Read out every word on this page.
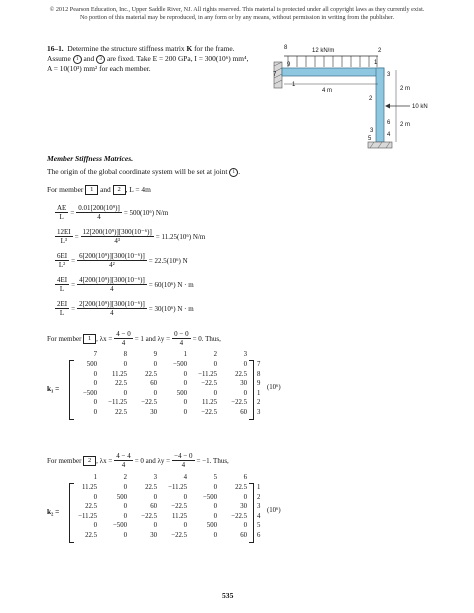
© 2012 Pearson Education, Inc., Upper Saddle River, NJ. All rights reserved. This material is protected under all copyright laws as they currently exist.
No portion of this material may be reproduced, in any form or by any means, without permission in writing from the publisher.
16–1. Determine the structure stiffness matrix K for the frame. Assume 1 and 3 are fixed. Take E = 200 GPa, I = 300(10⁶) mm⁴, A = 10(10³) mm² for each member.
12 kN/m
4 m	2 m
2 m
10 kN
8
9
7
1
2
3
1
2
4
6
5
3
Member Stiffness Matrices.
The origin of the global coordinate system will be set at joint 1 .
For member 1 and 2 , L = 4m
$\frac{AE}{L} = \frac{\text{0.01[200(10⁹)]}}{4} = 500(10^6)$ N/m
$\frac{12EI}{\text{L³}} = \frac{\text{12[200(10⁹)][300(10⁻⁶)]}}{\text{4³}} = 11.25(10^6)$ N/m
$\frac{6EI}{\text{L²}} = \frac{\text{6[200(10⁹)][300(10⁻⁶)]}}{\text{4²}} = 22.5(10^6)$ N
$\frac{4EI}{L} = \frac{\text{4[200(10⁹)][300(10⁻⁶)]}}{4} = 60(10^6) N \cdot m$
$\frac{2EI}{L} = \frac{\text{2[200(10⁹)][300(10⁻⁶)]}}{4} = 30(10^6) N \cdot m$
For member
	1 , $\lambda x = \frac{4 - 0}{4} = 1$ and $\lambda y = \frac{0 - 0}{4} = 0$. Thus,
7	8	9	1	2	3
k₁ =
500	0	0	−500	0	0
0	11.25	22.5	0	−11.25	22.5
0	22.5	60	0	−22.5	30
−500	0	0	500	0	0
0	−11.25	−22.5	0	11.25	−22.5
0	22.5	30	0	−22.5	60
7
8
9
1
2
3
(10⁶)
For member
	2 , $\lambda x = \frac{4 - 4}{4} = 0$ and $\lambda y = \frac{-4 - 0}{4} = -1$. Thus,
1	2	3	4	5	6
k₂ =
11.25	0	22.5	−11.25	0	22.5
0	500	0	0	−500	0
22.5	0	60	−22.5	0	30
−11.25	0	−22.5	11.25	0	−22.5
0	−500	0	0	500	0
22.5	0	30	−22.5	0	60
1
2
3
4
5
6
(10⁶)
535
